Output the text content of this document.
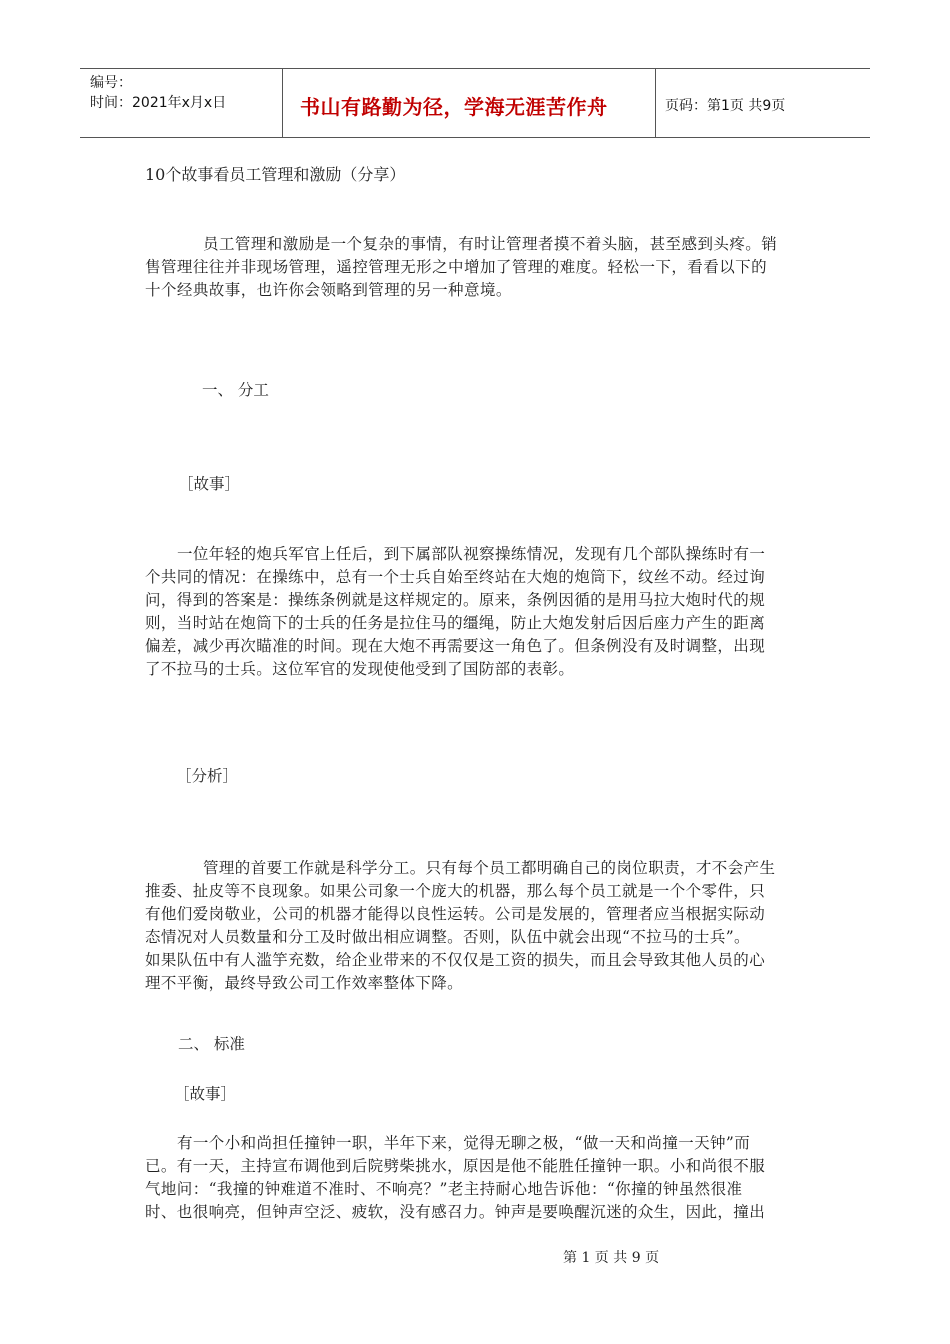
编号：
时间：2021年x月x日	书山有路勤为径，学海无涯苦作舟	页码：第1页 共9页
10个故事看员工管理和激励（分享）
员工管理和激励是一个复杂的事情，有时让管理者摸不着头脑，甚至感到头疼。销
售管理往往并非现场管理，遥控管理无形之中增加了管理的难度。轻松一下，看看以下的
十个经典故事，也许你会领略到管理的另一种意境。
一、 分工
［故事］
一位年轻的炮兵军官上任后，到下属部队视察操练情况，发现有几个部队操练时有一
个共同的情况：在操练中，总有一个士兵自始至终站在大炮的炮筒下，纹丝不动。经过询
问，得到的答案是：操练条例就是这样规定的。原来，条例因循的是用马拉大炮时代的规
则，当时站在炮筒下的士兵的任务是拉住马的缰绳，防止大炮发射后因后座力产生的距离
偏差，减少再次瞄准的时间。现在大炮不再需要这一角色了。但条例没有及时调整，出现
了不拉马的士兵。这位军官的发现使他受到了国防部的表彰。
［分析］
管理的首要工作就是科学分工。只有每个员工都明确自己的岗位职责，才不会产生
推委、扯皮等不良现象。如果公司象一个庞大的机器，那么每个员工就是一个个零件，只
有他们爱岗敬业，公司的机器才能得以良性运转。公司是发展的，管理者应当根据实际动
态情况对人员数量和分工及时做出相应调整。否则，队伍中就会出现“不拉马的士兵”。
如果队伍中有人滥竽充数，给企业带来的不仅仅是工资的损失，而且会导致其他人员的心
理不平衡，最终导致公司工作效率整体下降。
二、 标准
［故事］
有一个小和尚担任撞钟一职，半年下来，觉得无聊之极，“做一天和尚撞一天钟”而
已。有一天，主持宣布调他到后院劈柴挑水，原因是他不能胜任撞钟一职。小和尚很不服
气地问：“我撞的钟难道不准时、不响亮？”老主持耐心地告诉他：“你撞的钟虽然很准
时、也很响亮，但钟声空泛、疲软，没有感召力。钟声是要唤醒沉迷的众生，因此，撞出
第 1 页 共 9 页
